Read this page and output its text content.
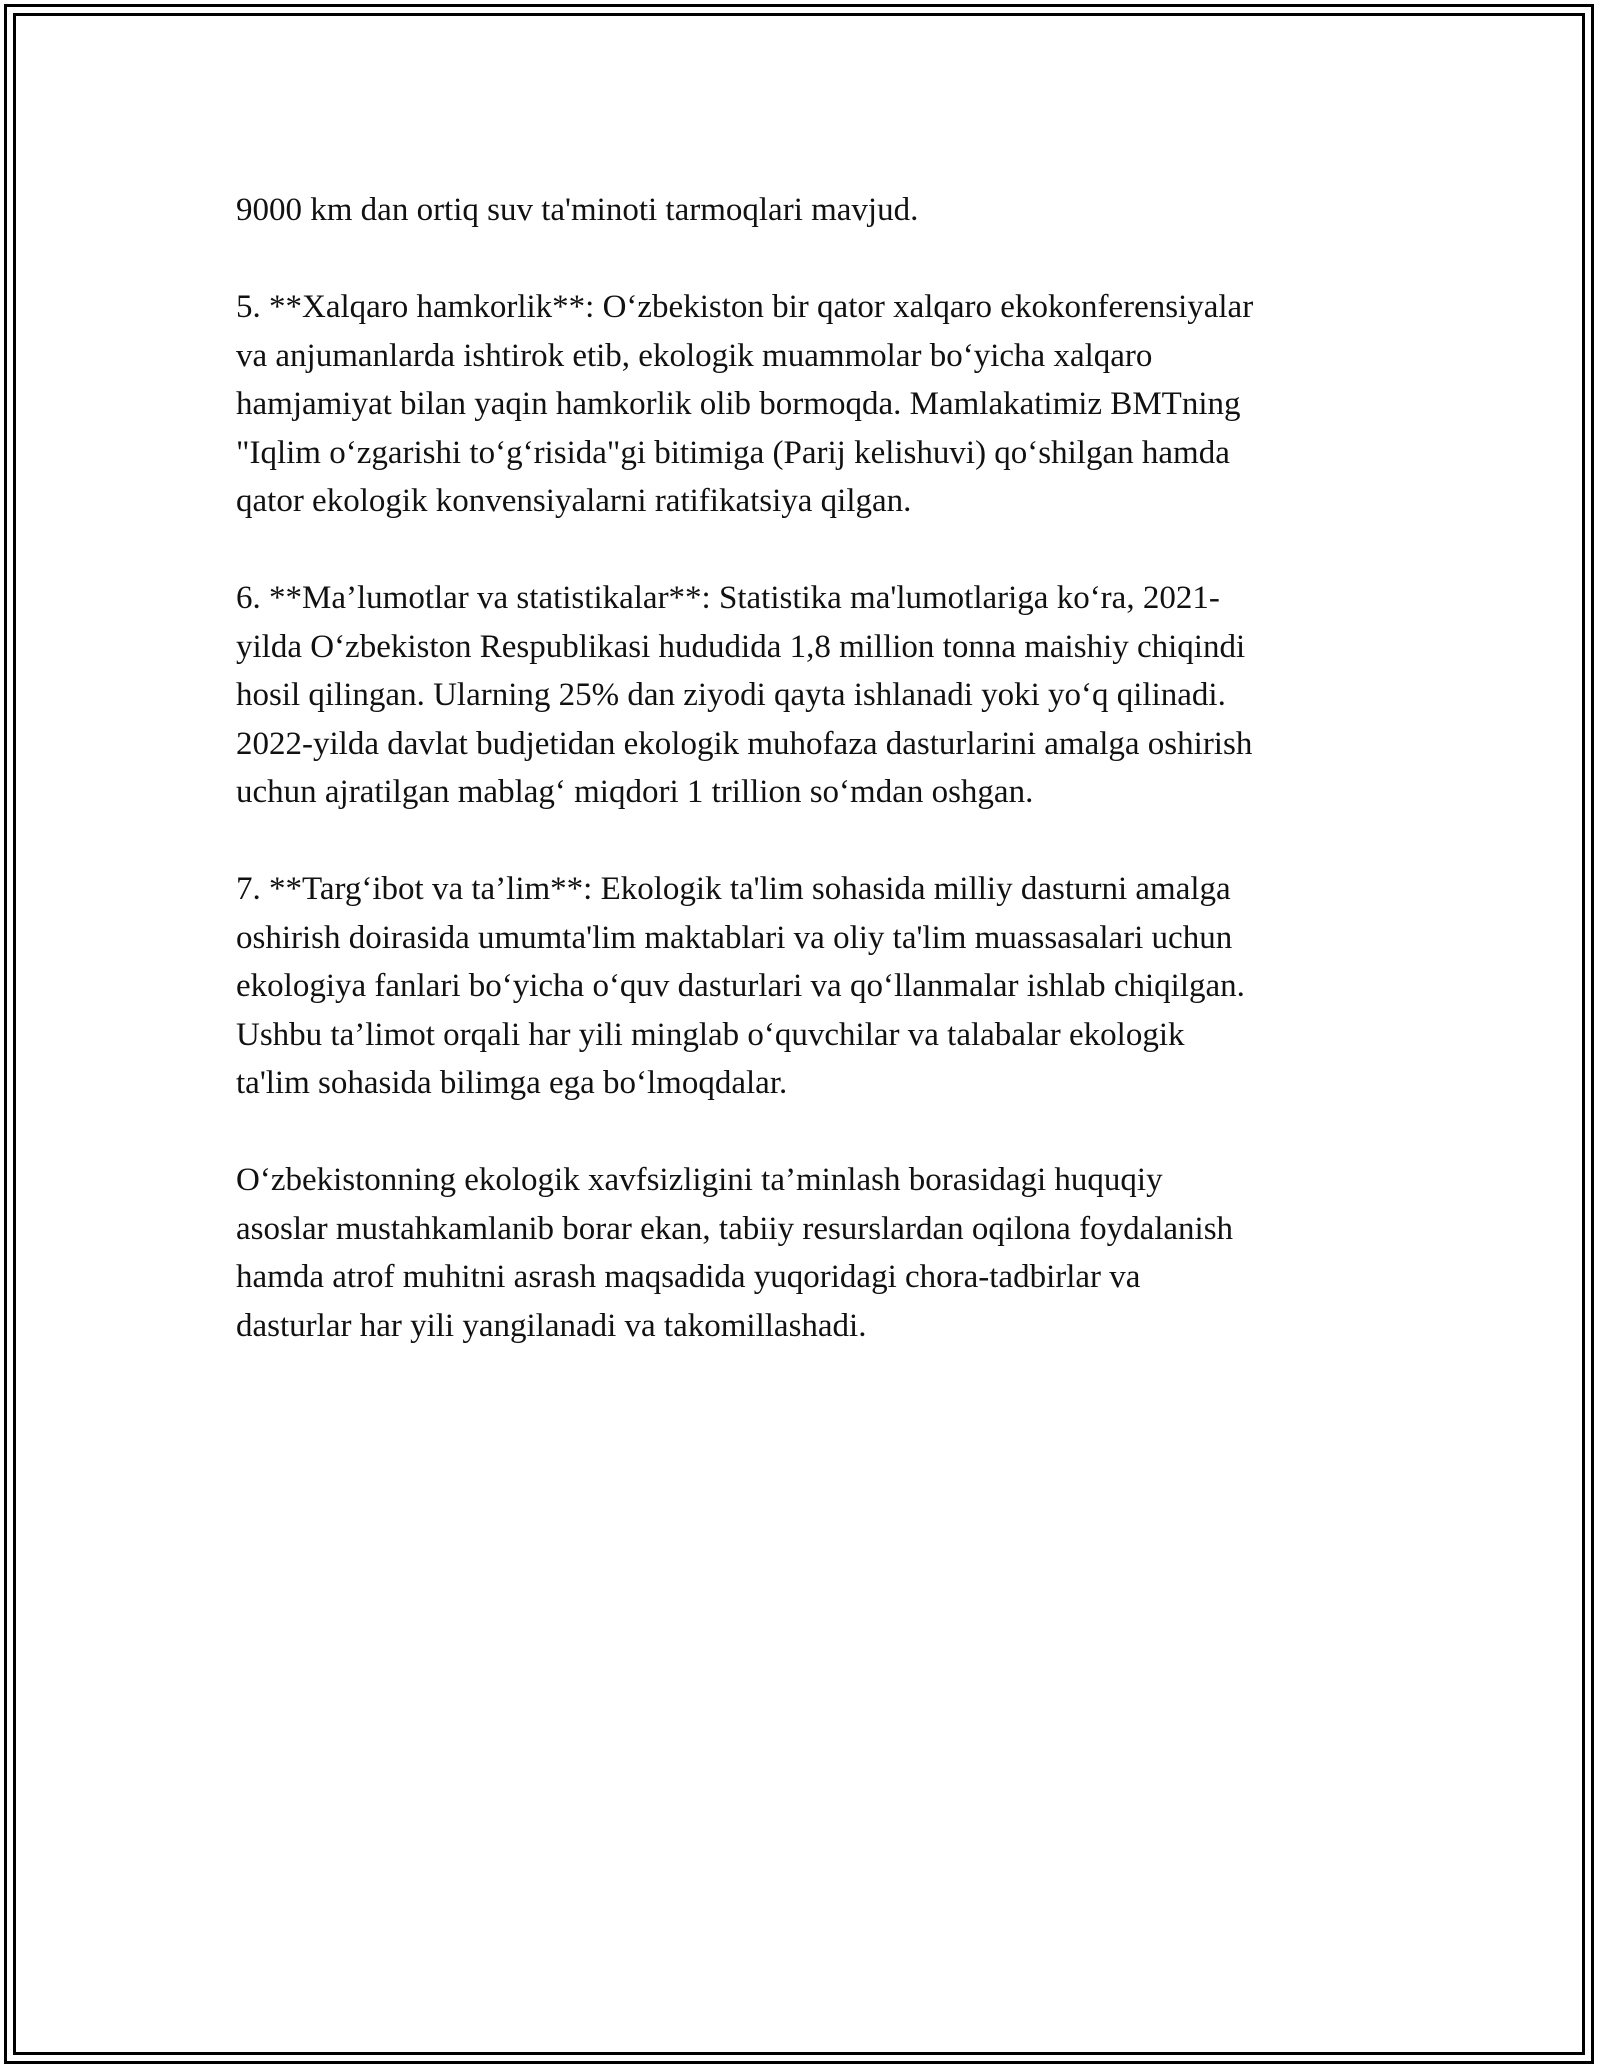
9000 km dan ortiq suv ta'minoti tarmoqlari mavjud.

5. **Xalqaro hamkorlik**: O‘zbekiston bir qator xalqaro ekokonferensiyalar
va anjumanlarda ishtirok etib, ekologik muammolar bo‘yicha xalqaro
hamjamiyat bilan yaqin hamkorlik olib bormoqda. Mamlakatimiz BMTning
"Iqlim o‘zgarishi to‘g‘risida"gi bitimiga (Parij kelishuvi) qo‘shilgan hamda
qator ekologik konvensiyalarni ratifikatsiya qilgan.

6. **Ma’lumotlar va statistikalar**: Statistika ma'lumotlariga ko‘ra, 2021-
yilda O‘zbekiston Respublikasi hududida 1,8 million tonna maishiy chiqindi
hosil qilingan. Ularning 25% dan ziyodi qayta ishlanadi yoki yo‘q qilinadi.
2022-yilda davlat budjetidan ekologik muhofaza dasturlarini amalga oshirish
uchun ajratilgan mablag‘ miqdori 1 trillion so‘mdan oshgan.

7. **Targ‘ibot va ta’lim**: Ekologik ta'lim sohasida milliy dasturni amalga
oshirish doirasida umumta'lim maktablari va oliy ta'lim muassasalari uchun
ekologiya fanlari bo‘yicha o‘quv dasturlari va qo‘llanmalar ishlab chiqilgan.
Ushbu ta’limot orqali har yili minglab o‘quvchilar va talabalar ekologik
ta'lim sohasida bilimga ega bo‘lmoqdalar.

O‘zbekistonning ekologik xavfsizligini ta’minlash borasidagi huquqiy
asoslar mustahkamlanib borar ekan, tabiiy resurslardan oqilona foydalanish
hamda atrof muhitni asrash maqsadida yuqoridagi chora-tadbirlar va
dasturlar har yili yangilanadi va takomillashadi.
